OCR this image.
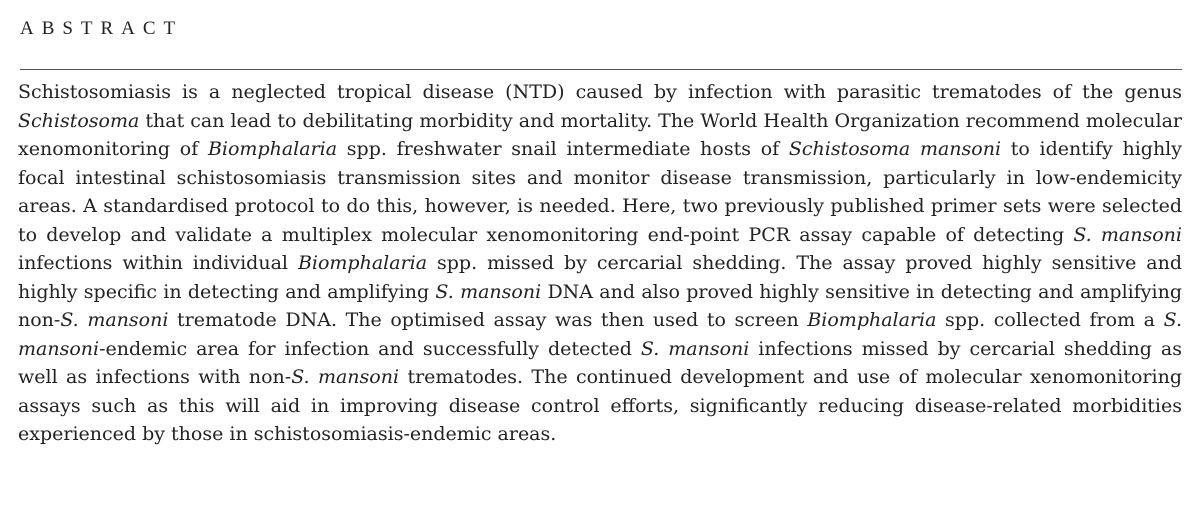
ABSTRACT

Schistosomiasis is a neglected tropical disease (NTD) caused by infection with parasitic trematodes of the genus Schistosoma that can lead to debilitating morbidity and mortality. The World Health Organization recommend molecular xenomonitoring of Biomphalaria spp. freshwater snail intermediate hosts of Schistosoma mansoni to identify highly focal intestinal schistosomiasis transmission sites and monitor disease transmission, particularly in low-endemicity areas. A standardised protocol to do this, however, is needed. Here, two previously published primer sets were selected to develop and validate a multiplex molecular xenomonitoring end-point PCR assay capable of detecting S. mansoni infections within individual Biomphalaria spp. missed by cercarial shedding. The assay proved highly sensitive and highly specific in detecting and amplifying S. mansoni DNA and also proved highly sensitive in detecting and amplifying non-S. mansoni trematode DNA. The optimised assay was then used to screen Biomphalaria spp. collected from a S. mansoni-endemic area for infection and successfully detected S. mansoni infections missed by cercarial shedding as well as infections with non-S. mansoni trematodes. The continued development and use of molecular xenomonitoring assays such as this will aid in improving disease control efforts, significantly reducing disease-related morbidities experienced by those in schistosomiasis-endemic areas.
